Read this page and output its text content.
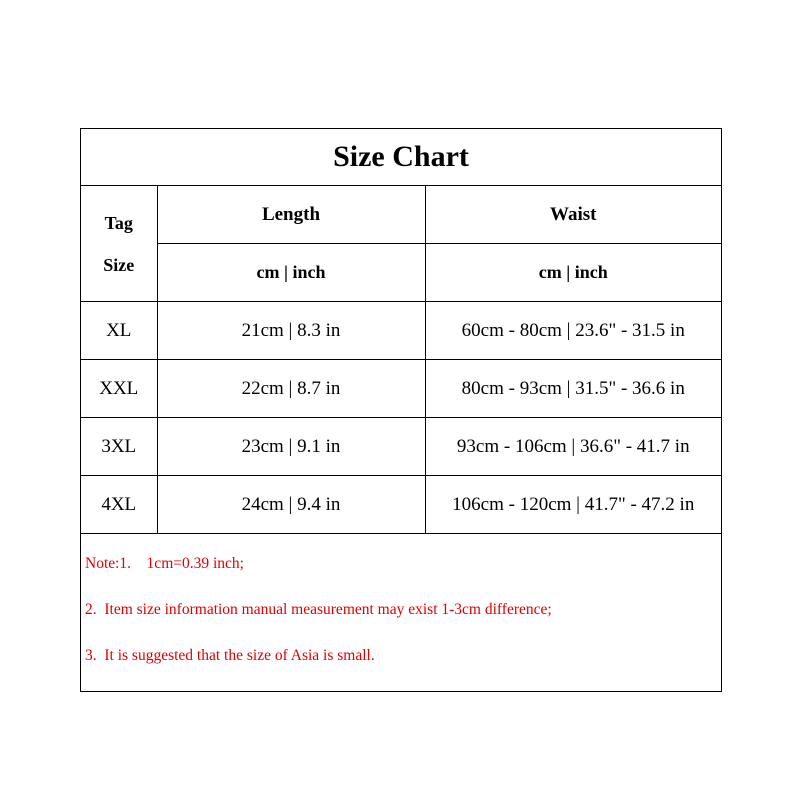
Size Chart		

Tag
Size	Length	Waist
	cm | inch	cm | inch
XL	21cm | 8.3 in	60cm - 80cm | 23.6" - 31.5 in
XXL	22cm | 8.7 in	80cm - 93cm | 31.5" - 36.6 in
3XL	23cm | 9.1 in	93cm - 106cm | 36.6" - 41.7 in
4XL	24cm | 9.4 in	106cm - 120cm | 41.7" - 47.2 in
Note:1.    1cm=0.39 inch;
2.  Item size information manual measurement may exist 1-3cm difference;
3.  It is suggested that the size of Asia is small.
